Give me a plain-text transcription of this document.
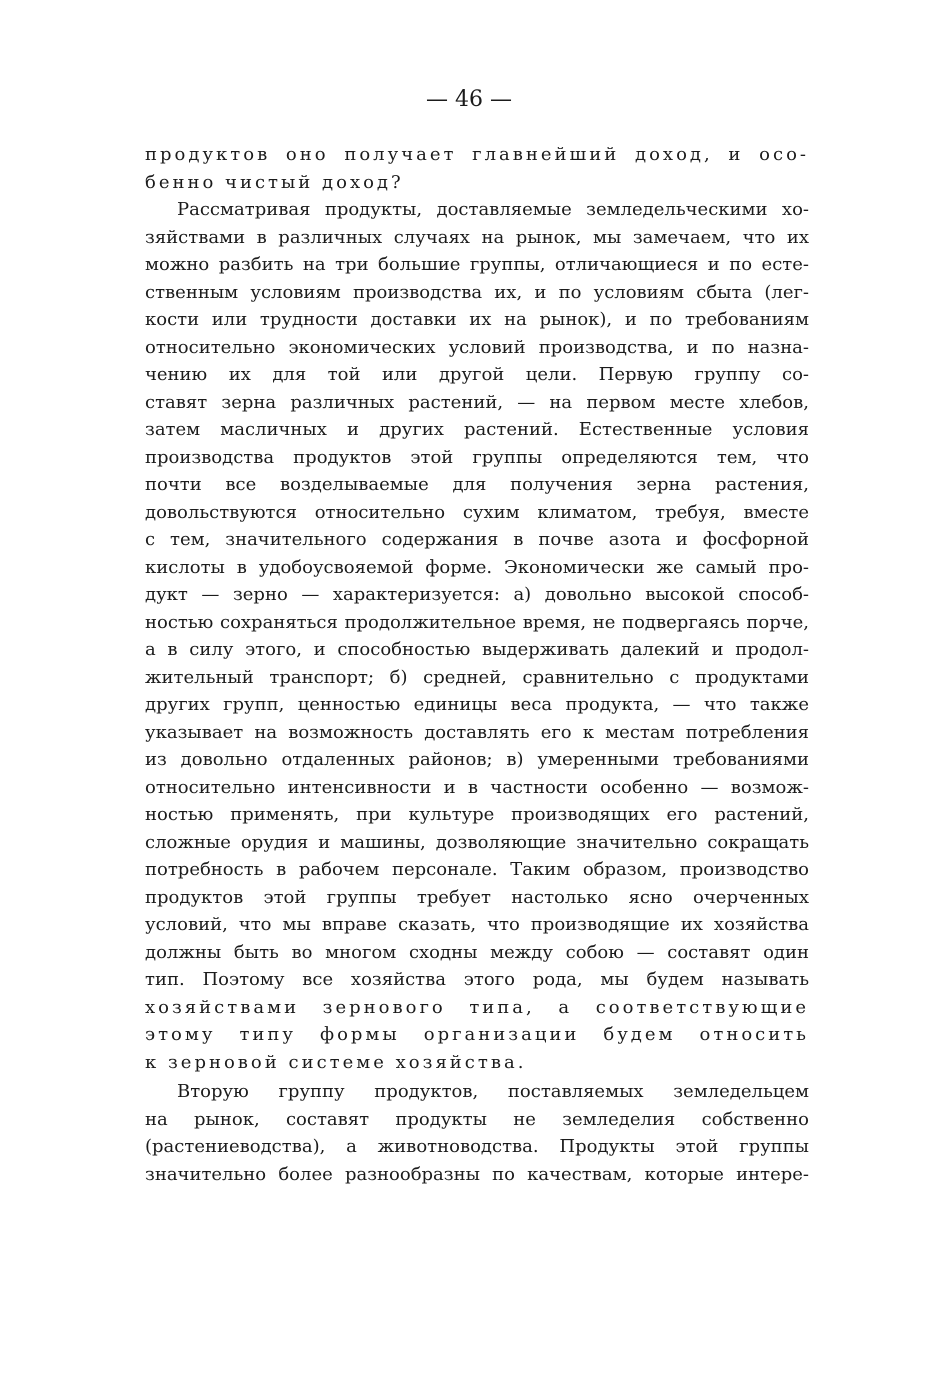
— 46 —
продуктов оно получает главнейший доход, и осо-
бенно чистый доход?
Рассматривая продукты, доставляемые земледельческими хо-
зяйствами в различных случаях на рынок, мы замечаем, что их
можно разбить на три большие группы, отличающиеся и по есте-
ственным условиям производства их, и по условиям сбыта (лег-
кости или трудности доставки их на рынок), и по требованиям
относительно экономических условий производства, и по назна-
чению их для той или другой цели. Первую группу со-
ставят зерна различных растений, — на первом месте хлебов,
затем масличных и других растений. Естественные условия
производства продуктов этой группы определяются тем, что
почти все возделываемые для получения зерна растения,
довольствуются относительно сухим климатом, требуя, вместе
с тем, значительного содержания в почве азота и фосфорной
кислоты в удобоусвояемой форме. Экономически же самый про-
дукт — зерно — характеризуется: а) довольно высокой способ-
ностью сохраняться продолжительное время, не подвергаясь порче,
а в силу этого, и способностью выдерживать далекий и продол-
жительный транспорт; б) средней, сравнительно с продуктами
других групп, ценностью единицы веса продукта, — что также
указывает на возможность доставлять его к местам потребления
из довольно отдаленных районов; в) умеренными требованиями
относительно интенсивности и в частности особенно — возмож-
ностью применять, при культуре производящих его растений,
сложные орудия и машины, дозволяющие значительно сокращать
потребность в рабочем персонале. Таким образом, производство
продуктов этой группы требует настолько ясно очерченных
условий, что мы вправе сказать, что производящие их хозяйства
должны быть во многом сходны между собою — составят один
тип. Поэтому все хозяйства этого рода, мы будем называть
хозяйствами зернового типа, а соответствующие
этому типу формы организации будем относить
к зерновой системе хозяйства.
Вторую группу продуктов, поставляемых земледельцем
на рынок, составят продукты не земледелия собственно
(растениеводства), а животноводства. Продукты этой группы
значительно более разнообразны по качествам, которые интере-
